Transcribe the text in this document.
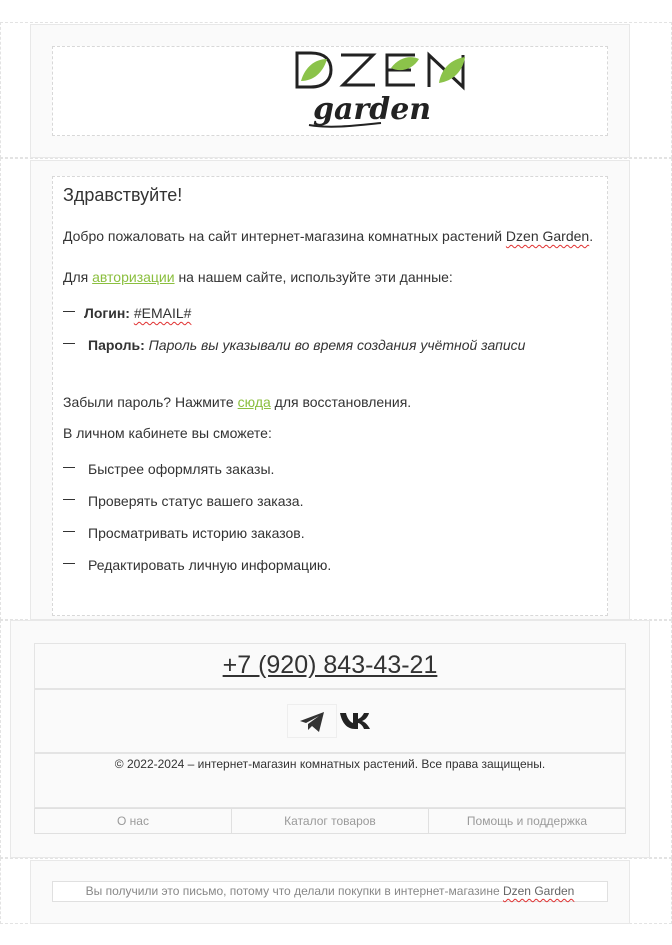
garden

Здравствуйте!

Добро пожаловать на сайт интернет-магазина комнатных растений Dzen Garden.

Для авторизации на нашем сайте, используйте эти данные:

Логин: #EMAIL#
Пароль: Пароль вы указывали во время создания учётной записи

Забыли пароль? Нажмите сюда для восстановления.

В личном кабинете вы сможете:

Быстрее оформлять заказы.
Проверять статус вашего заказа.
Просматривать историю заказов.
Редактировать личную информацию.
+7 (920) 843-43-21
© 2022-2024 – интернет-магазин комнатных растений. Все права защищены.
О нас	Каталог товаров	Помощь и поддержка
Вы получили это письмо, потому что делали покупки в интернет-магазине Dzen Garden
